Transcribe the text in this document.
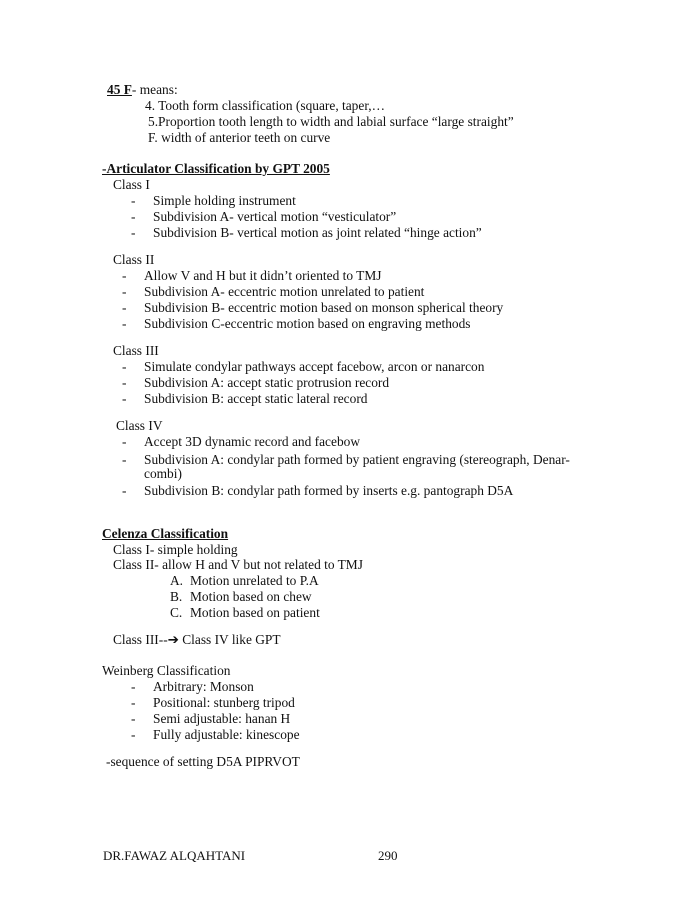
45 F- means:
4. Tooth form classification (square, taper,…
5.Proportion tooth length to width and labial surface “large straight”
F. width of anterior teeth on curve
-Articulator Classification by GPT 2005
Class I
- Simple holding instrument
- Subdivision A- vertical motion “vesticulator”
- Subdivision B- vertical motion as joint related “hinge action”
Class II
- Allow V and H but it didn’t oriented to TMJ
- Subdivision A- eccentric motion unrelated to patient
- Subdivision B- eccentric motion based on monson spherical theory
- Subdivision C-eccentric motion based on engraving methods
Class III
- Simulate condylar pathways accept facebow, arcon or nanarcon
- Subdivision A: accept static protrusion record
- Subdivision B: accept static lateral record
Class IV
- Accept 3D dynamic record and facebow
- Subdivision A: condylar path formed by patient engraving (stereograph, Denar-
combi)
- Subdivision B: condylar path formed by inserts e.g. pantograph D5A
Celenza Classification
Class I- simple holding
Class II- allow H and V but not related to TMJ
A. Motion unrelated to P.A
B. Motion based on chew
C. Motion based on patient
Class III--➔ Class IV like GPT
Weinberg Classification
- Arbitrary: Monson
- Positional: stunberg tripod
- Semi adjustable: hanan H
- Fully adjustable: kinescope
-sequence of setting D5A PIPRVOT
DR.FAWAZ ALQAHTANI	290
